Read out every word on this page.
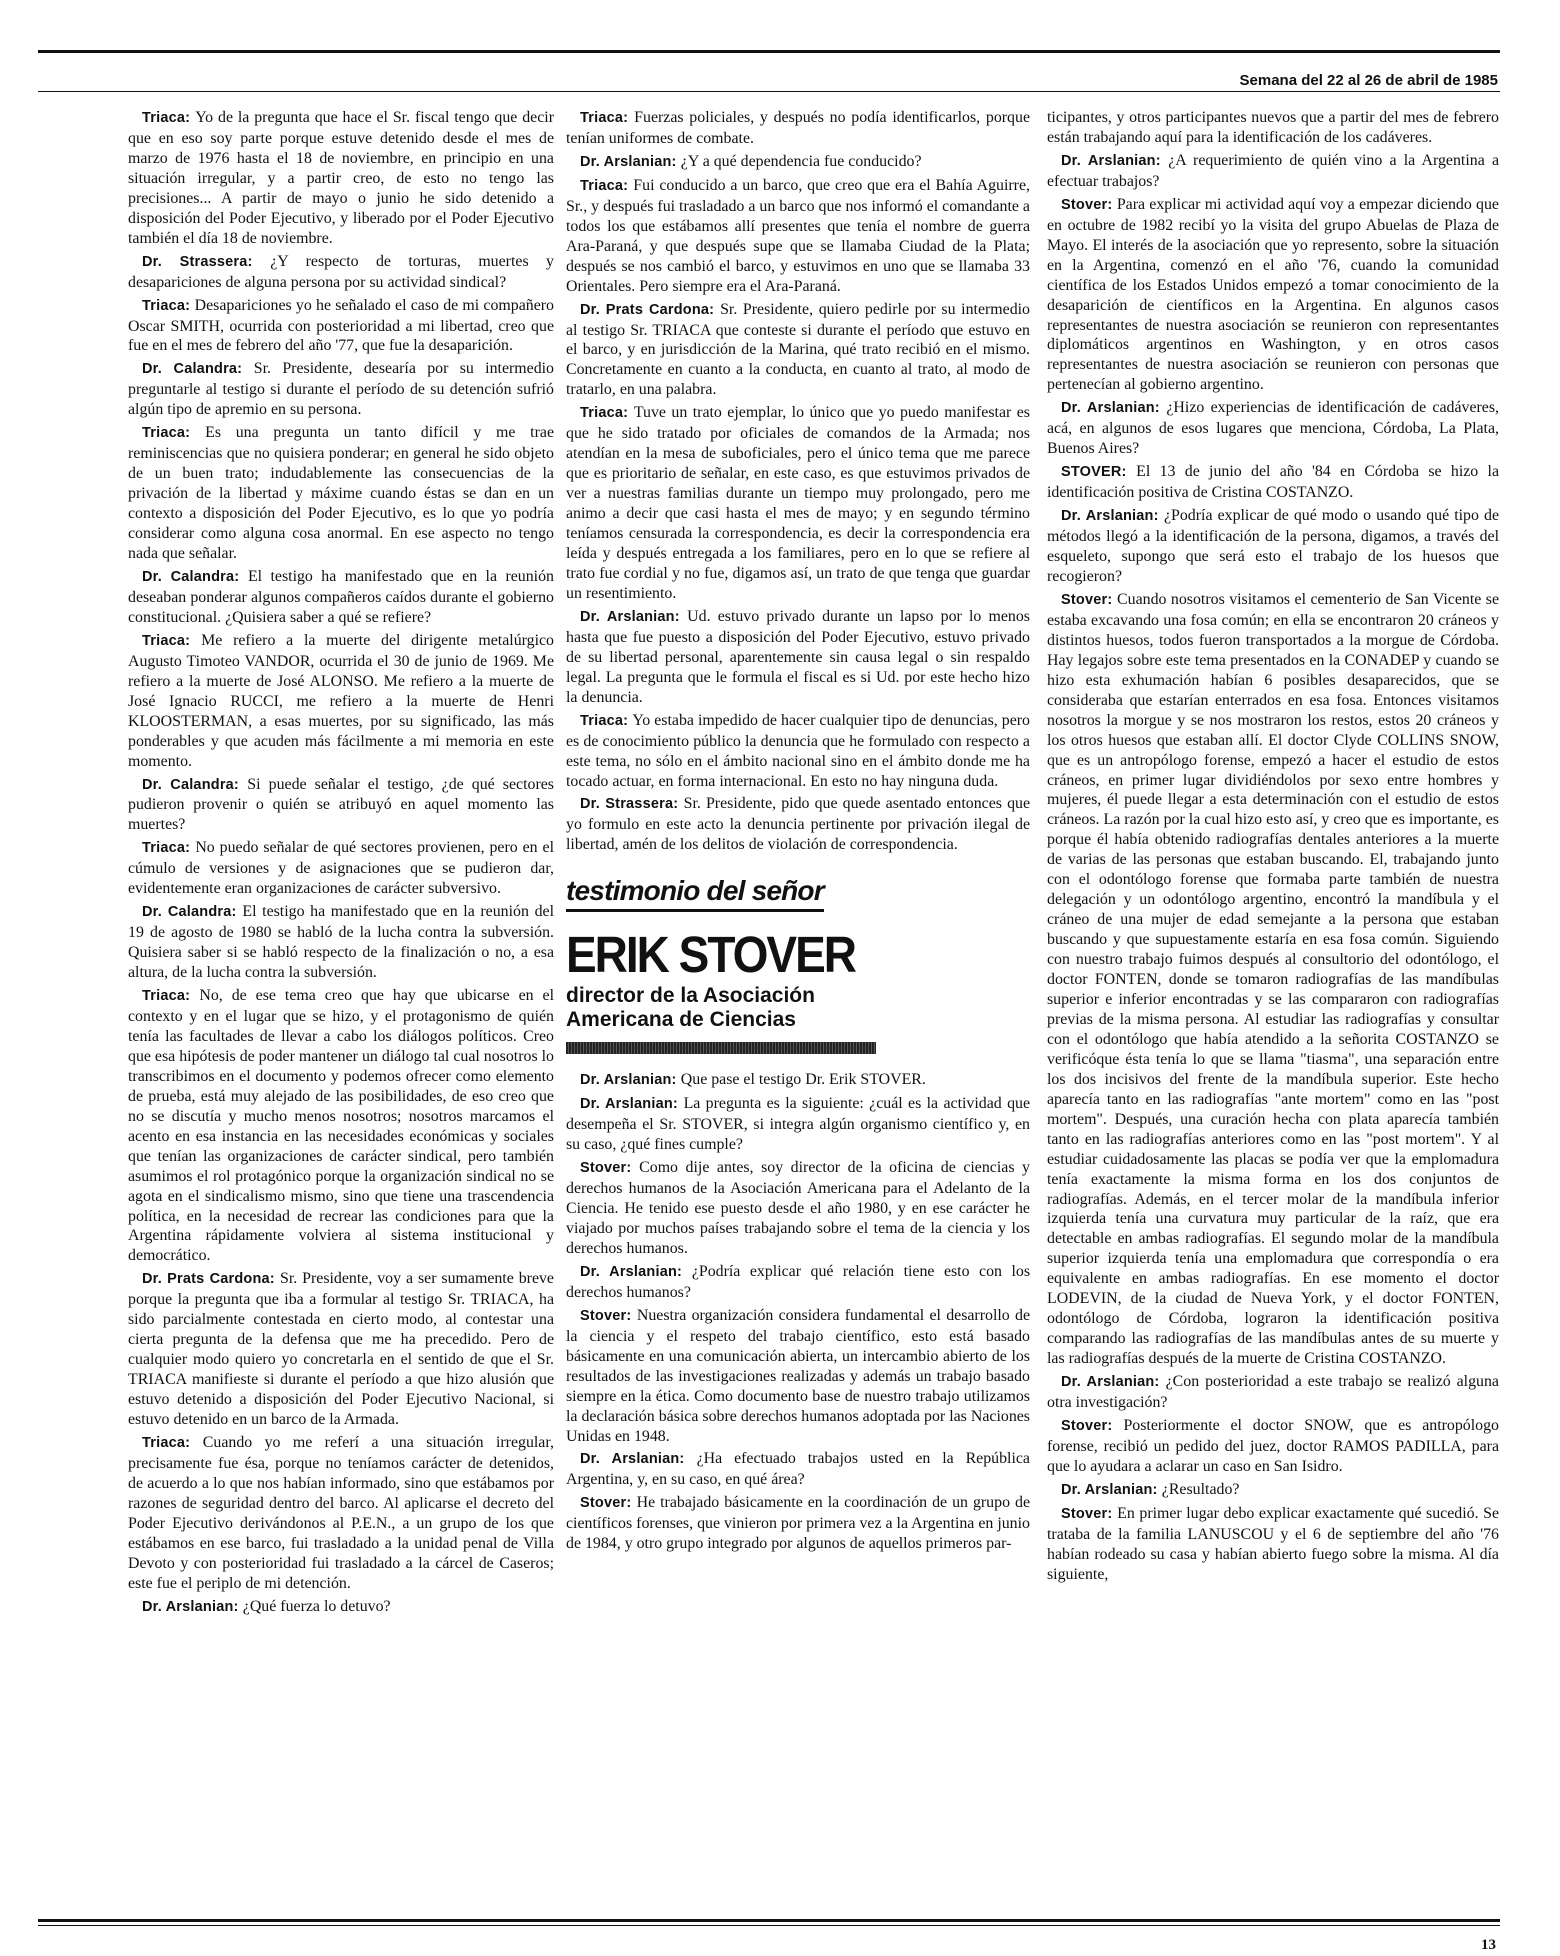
Semana del 22 al 26 de abril de 1985

Triaca: Yo de la pregunta que hace el Sr. fiscal tengo que decir que en eso soy parte porque estuve detenido desde el mes de marzo de 1976 hasta el 18 de noviembre, en principio en una situación irregular, y a partir creo, de esto no tengo las precisiones... A partir de mayo o junio he sido detenido a disposición del Poder Ejecutivo, y liberado por el Poder Ejecutivo también el día 18 de noviembre.

Dr. Strassera: ¿Y respecto de torturas, muertes y desapariciones de alguna persona por su actividad sindical?

Triaca: Desapariciones yo he señalado el caso de mi compañero Oscar SMITH, ocurrida con posterioridad a mi libertad, creo que fue en el mes de febrero del año '77, que fue la desaparición.

Dr. Calandra: Sr. Presidente, desearía por su intermedio preguntarle al testigo si durante el período de su detención sufrió algún tipo de apremio en su persona.

Triaca: Es una pregunta un tanto difícil y me trae reminiscencias que no quisiera ponderar; en general he sido objeto de un buen trato; indudablemente las consecuencias de la privación de la libertad y máxime cuando éstas se dan en un contexto a disposición del Poder Ejecutivo, es lo que yo podría considerar como alguna cosa anormal. En ese aspecto no tengo nada que señalar.

Dr. Calandra: El testigo ha manifestado que en la reunión deseaban ponderar algunos compañeros caídos durante el gobierno constitucional. ¿Quisiera saber a qué se refiere?

Triaca: Me refiero a la muerte del dirigente metalúrgico Augusto Timoteo VANDOR, ocurrida el 30 de junio de 1969. Me refiero a la muerte de José ALONSO. Me refiero a la muerte de José Ignacio RUCCI, me refiero a la muerte de Henri KLOOSTERMAN, a esas muertes, por su significado, las más ponderables y que acuden más fácilmente a mi memoria en este momento.

Dr. Calandra: Si puede señalar el testigo, ¿de qué sectores pudieron provenir o quién se atribuyó en aquel momento las muertes?

Triaca: No puedo señalar de qué sectores provienen, pero en el cúmulo de versiones y de asignaciones que se pudieron dar, evidentemente eran organizaciones de carácter subversivo.

Dr. Calandra: El testigo ha manifestado que en la reunión del 19 de agosto de 1980 se habló de la lucha contra la subversión. Quisiera saber si se habló respecto de la finalización o no, a esa altura, de la lucha contra la subversión.

Triaca: No, de ese tema creo que hay que ubicarse en el contexto y en el lugar que se hizo, y el protagonismo de quién tenía las facultades de llevar a cabo los diálogos políticos. Creo que esa hipótesis de poder mantener un diálogo tal cual nosotros lo transcribimos en el documento y podemos ofrecer como elemento de prueba, está muy alejado de las posibilidades, de eso creo que no se discutía y mucho menos nosotros; nosotros marcamos el acento en esa instancia en las necesidades económicas y sociales que tenían las organizaciones de carácter sindical, pero también asumimos el rol protagónico porque la organización sindical no se agota en el sindicalismo mismo, sino que tiene una trascendencia política, en la necesidad de recrear las condiciones para que la Argentina rápidamente volviera al sistema institucional y democrático.

Dr. Prats Cardona: Sr. Presidente, voy a ser sumamente breve porque la pregunta que iba a formular al testigo Sr. TRIACA, ha sido parcialmente contestada en cierto modo, al contestar una cierta pregunta de la defensa que me ha precedido. Pero de cualquier modo quiero yo concretarla en el sentido de que el Sr. TRIACA manifieste si durante el período a que hizo alusión que estuvo detenido a disposición del Poder Ejecutivo Nacional, si estuvo detenido en un barco de la Armada.

Triaca: Cuando yo me referí a una situación irregular, precisamente fue ésa, porque no teníamos carácter de detenidos, de acuerdo a lo que nos habían informado, sino que estábamos por razones de seguridad dentro del barco. Al aplicarse el decreto del Poder Ejecutivo derivándonos al P.E.N., a un grupo de los que estábamos en ese barco, fui trasladado a la unidad penal de Villa Devoto y con posterioridad fui trasladado a la cárcel de Caseros; este fue el periplo de mi detención.

Dr. Arslanian: ¿Qué fuerza lo detuvo?

Triaca: Fuerzas policiales, y después no podía identificarlos, porque tenían uniformes de combate.

Dr. Arslanian: ¿Y a qué dependencia fue conducido?

Triaca: Fui conducido a un barco, que creo que era el Bahía Aguirre, Sr., y después fui trasladado a un barco que nos informó el comandante a todos los que estábamos allí presentes que tenía el nombre de guerra Ara-Paraná, y que después supe que se llamaba Ciudad de la Plata; después se nos cambió el barco, y estuvimos en uno que se llamaba 33 Orientales. Pero siempre era el Ara-Paraná.

Dr. Prats Cardona: Sr. Presidente, quiero pedirle por su intermedio al testigo Sr. TRIACA que conteste si durante el período que estuvo en el barco, y en jurisdicción de la Marina, qué trato recibió en el mismo. Concretamente en cuanto a la conducta, en cuanto al trato, al modo de tratarlo, en una palabra.

Triaca: Tuve un trato ejemplar, lo único que yo puedo manifestar es que he sido tratado por oficiales de comandos de la Armada; nos atendían en la mesa de suboficiales, pero el único tema que me parece que es prioritario de señalar, en este caso, es que estuvimos privados de ver a nuestras familias durante un tiempo muy prolongado, pero me animo a decir que casi hasta el mes de mayo; y en segundo término teníamos censurada la correspondencia, es decir la correspondencia era leída y después entregada a los familiares, pero en lo que se refiere al trato fue cordial y no fue, digamos así, un trato de que tenga que guardar un resentimiento.

Dr. Arslanian: Ud. estuvo privado durante un lapso por lo menos hasta que fue puesto a disposición del Poder Ejecutivo, estuvo privado de su libertad personal, aparentemente sin causa legal o sin respaldo legal. La pregunta que le formula el fiscal es si Ud. por este hecho hizo la denuncia.

Triaca: Yo estaba impedido de hacer cualquier tipo de denuncias, pero es de conocimiento público la denuncia que he formulado con respecto a este tema, no sólo en el ámbito nacional sino en el ámbito donde me ha tocado actuar, en forma internacional. En esto no hay ninguna duda.

Dr. Strassera: Sr. Presidente, pido que quede asentado entonces que yo formulo en este acto la denuncia pertinente por privación ilegal de libertad, amén de los delitos de violación de correspondencia.

testimonio del señor
ERIK STOVER
director de la Asociación
Americana de Ciencias

Dr. Arslanian: Que pase el testigo Dr. Erik STOVER.

Dr. Arslanian: La pregunta es la siguiente: ¿cuál es la actividad que desempeña el Sr. STOVER, si integra algún organismo científico y, en su caso, ¿qué fines cumple?

Stover: Como dije antes, soy director de la oficina de ciencias y derechos humanos de la Asociación Americana para el Adelanto de la Ciencia. He tenido ese puesto desde el año 1980, y en ese carácter he viajado por muchos países trabajando sobre el tema de la ciencia y los derechos humanos.

Dr. Arslanian: ¿Podría explicar qué relación tiene esto con los derechos humanos?

Stover: Nuestra organización considera fundamental el desarrollo de la ciencia y el respeto del trabajo científico, esto está basado básicamente en una comunicación abierta, un intercambio abierto de los resultados de las investigaciones realizadas y además un trabajo basado siempre en la ética. Como documento base de nuestro trabajo utilizamos la declaración básica sobre derechos humanos adoptada por las Naciones Unidas en 1948.

Dr. Arslanian: ¿Ha efectuado trabajos usted en la República Argentina, y, en su caso, en qué área?

Stover: He trabajado básicamente en la coordinación de un grupo de científicos forenses, que vinieron por primera vez a la Argentina en junio de 1984, y otro grupo integrado por algunos de aquellos primeros par-

ticipantes, y otros participantes nuevos que a partir del mes de febrero están trabajando aquí para la identificación de los cadáveres.

Dr. Arslanian: ¿A requerimiento de quién vino a la Argentina a efectuar trabajos?

Stover: Para explicar mi actividad aquí voy a empezar diciendo que en octubre de 1982 recibí yo la visita del grupo Abuelas de Plaza de Mayo. El interés de la asociación que yo represento, sobre la situación en la Argentina, comenzó en el año '76, cuando la comunidad científica de los Estados Unidos empezó a tomar conocimiento de la desaparición de científicos en la Argentina. En algunos casos representantes de nuestra asociación se reunieron con representantes diplomáticos argentinos en Washington, y en otros casos representantes de nuestra asociación se reunieron con personas que pertenecían al gobierno argentino.

Dr. Arslanian: ¿Hizo experiencias de identificación de cadáveres, acá, en algunos de esos lugares que menciona, Córdoba, La Plata, Buenos Aires?

STOVER: El 13 de junio del año '84 en Córdoba se hizo la identificación positiva de Cristina COSTANZO.

Dr. Arslanian: ¿Podría explicar de qué modo o usando qué tipo de métodos llegó a la identificación de la persona, digamos, a través del esqueleto, supongo que será esto el trabajo de los huesos que recogieron?

Stover: Cuando nosotros visitamos el cementerio de San Vicente se estaba excavando una fosa común; en ella se encontraron 20 cráneos y distintos huesos, todos fueron transportados a la morgue de Córdoba. Hay legajos sobre este tema presentados en la CONADEP y cuando se hizo esta exhumación habían 6 posibles desaparecidos, que se consideraba que estarían enterrados en esa fosa. Entonces visitamos nosotros la morgue y se nos mostraron los restos, estos 20 cráneos y los otros huesos que estaban allí. El doctor Clyde COLLINS SNOW, que es un antropólogo forense, empezó a hacer el estudio de estos cráneos, en primer lugar dividiéndolos por sexo entre hombres y mujeres, él puede llegar a esta determinación con el estudio de estos cráneos. La razón por la cual hizo esto así, y creo que es importante, es porque él había obtenido radiografías dentales anteriores a la muerte de varias de las personas que estaban buscando. El, trabajando junto con el odontólogo forense que formaba parte también de nuestra delegación y un odontólogo argentino, encontró la mandíbula y el cráneo de una mujer de edad semejante a la persona que estaban buscando y que supuestamente estaría en esa fosa común. Siguiendo con nuestro trabajo fuimos después al consultorio del odontólogo, el doctor FONTEN, donde se tomaron radiografías de las mandíbulas superior e inferior encontradas y se las compararon con radiografías previas de la misma persona. Al estudiar las radiografías y consultar con el odontólogo que había atendido a la señorita COSTANZO se verificóque ésta tenía lo que se llama "tiasma", una separación entre los dos incisivos del frente de la mandíbula superior. Este hecho aparecía tanto en las radiografías "ante mortem" como en las "post mortem". Después, una curación hecha con plata aparecía también tanto en las radiografías anteriores como en las "post mortem". Y al estudiar cuidadosamente las placas se podía ver que la emplomadura tenía exactamente la misma forma en los dos conjuntos de radiografías. Además, en el tercer molar de la mandíbula inferior izquierda tenía una curvatura muy particular de la raíz, que era detectable en ambas radiografías. El segundo molar de la mandíbula superior izquierda tenía una emplomadura que correspondía o era equivalente en ambas radiografías. En ese momento el doctor LODEVIN, de la ciudad de Nueva York, y el doctor FONTEN, odontólogo de Córdoba, lograron la identificación positiva comparando las radiografías de las mandíbulas antes de su muerte y las radiografías después de la muerte de Cristina COSTANZO.

Dr. Arslanian: ¿Con posterioridad a este trabajo se realizó alguna otra investigación?

Stover: Posteriormente el doctor SNOW, que es antropólogo forense, recibió un pedido del juez, doctor RAMOS PADILLA, para que lo ayudara a aclarar un caso en San Isidro.

Dr. Arslanian: ¿Resultado?

Stover: En primer lugar debo explicar exactamente qué sucedió. Se trataba de la familia LANUSCOU y el 6 de septiembre del año '76 habían rodeado su casa y habían abierto fuego sobre la misma. Al día siguiente,

13
